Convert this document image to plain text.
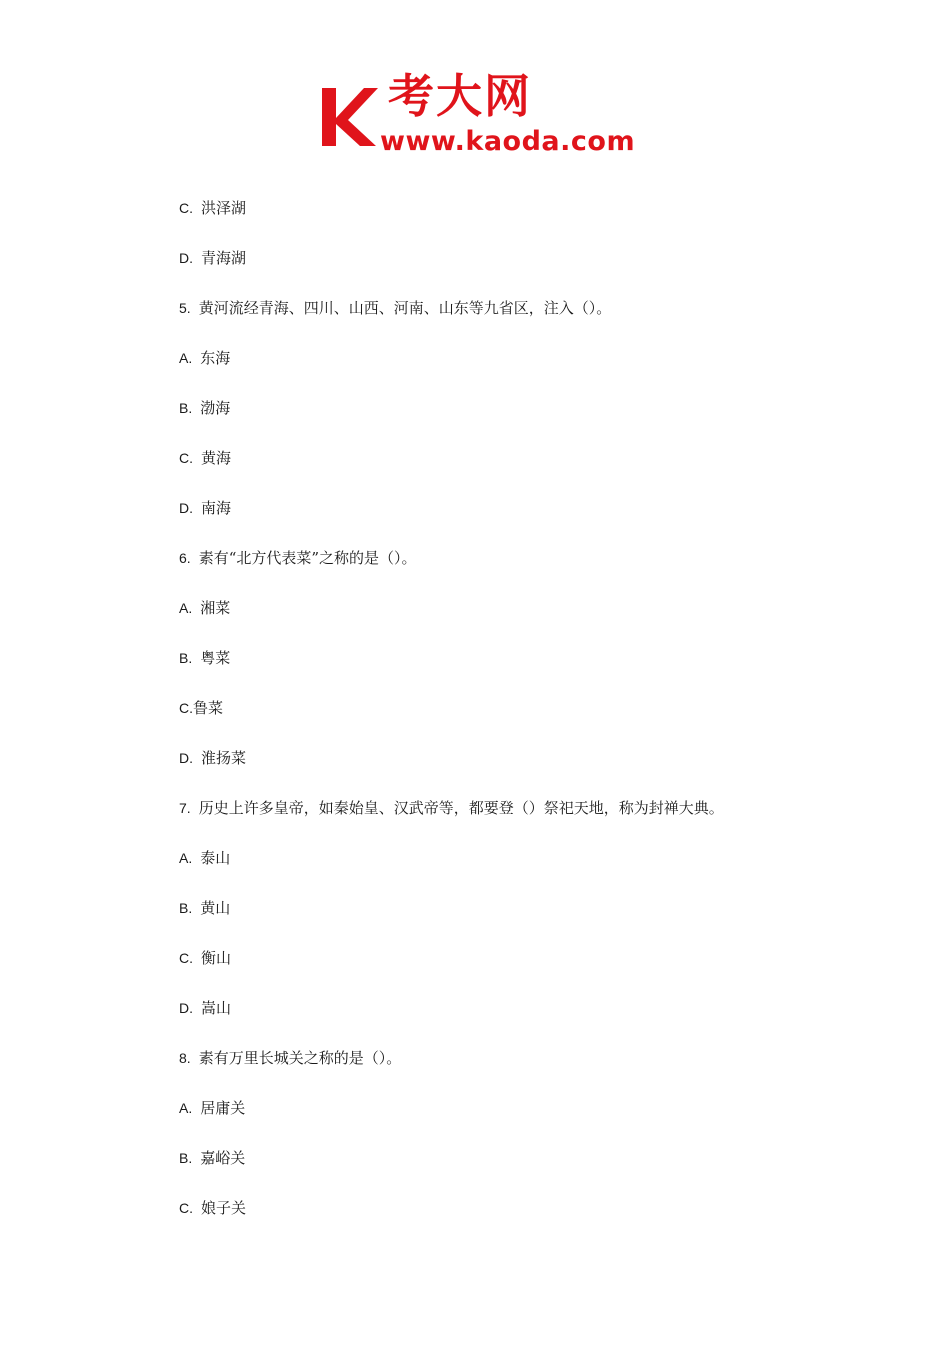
考大网
www.kaoda.com
C. 洪泽湖
D. 青海湖
5. 黄河流经青海、四川、山西、河南、山东等九省区，注入（）。
A. 东海
B. 渤海
C. 黄海
D. 南海
6. 素有“北方代表菜”之称的是（）。
A. 湘菜
B. 粤菜
C.鲁菜
D. 淮扬菜
7. 历史上许多皇帝，如秦始皇、汉武帝等，都要登（）祭祀天地，称为封禅大典。
A. 泰山
B. 黄山
C. 衡山
D. 嵩山
8. 素有万里长城关之称的是（）。
A. 居庸关
B. 嘉峪关
C. 娘子关
